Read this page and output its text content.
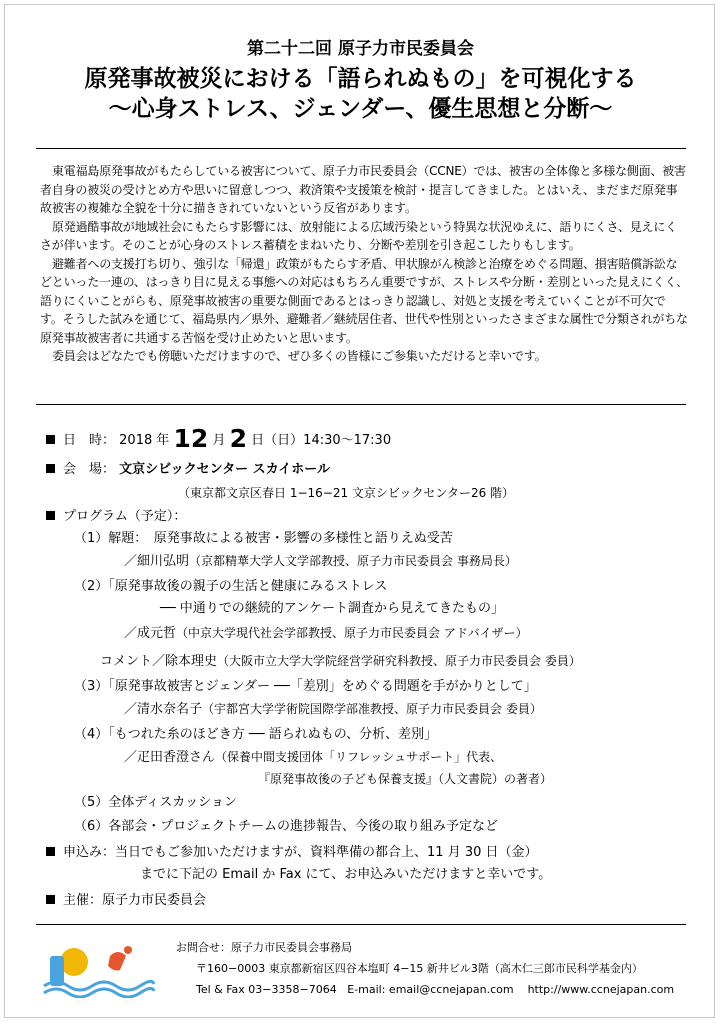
第二十二回 原子力市民委員会
原発事故被災における「語られぬもの」を可視化する
〜心身ストレス、ジェンダー、優生思想と分断〜

東電福島原発事故がもたらしている被害について、原子力市民委員会（CCNE）では、被害の全体像と多様な側面、被害者自身の被災の受けとめ方や思いに留意しつつ、救済策や支援策を検討・提言してきました。とはいえ、まだまだ原発事故被害の複雑な全貌を十分に描ききれていないという反省があります。

原発過酷事故が地域社会にもたらす影響には、放射能による広域汚染という特異な状況ゆえに、語りにくさ、見えにくさが伴います。そのことが心身のストレス蓄積をまねいたり、分断や差別を引き起こしたりもします。

避難者への支援打ち切り、強引な「帰還」政策がもたらす矛盾、甲状腺がん検診と治療をめぐる問題、損害賠償訴訟などといった一連の、はっきり目に見える事態への対応はもちろん重要ですが、ストレスや分断・差別といった見えにくく、語りにくいことがらも、原発事故被害の重要な側面であるとはっきり認識し、対処と支援を考えていくことが不可欠です。そうした試みを通じて、福島県内／県外、避難者／継続居住者、世代や性別といったさまざまな属性で分類されがちな原発事故被害者に共通する苦悩を受け止めたいと思います。

委員会はどなたでも傍聴いただけますので、ぜひ多くの皆様にご参集いただけると幸いです。

日　時： 2018 年 12 月 2 日（日）14:30〜17:30
会　場： 文京シビックセンター スカイホール
（東京都文京区春日 1−16−21 文京シビックセンター26 階）
プログラム（予定）：
（1）解題：　原発事故による被害・影響の多様性と語りえぬ受苦
／細川弘明（京都精華大学人文学部教授、原子力市民委員会 事務局長）
（2）「原発事故後の親子の生活と健康にみるストレス
── 中通りでの継続的アンケート調査から見えてきたもの」
／成元哲（中京大学現代社会学部教授、原子力市民委員会 アドバイザー）
コメント／除本理史（大阪市立大学大学院経営学研究科教授、原子力市民委員会 委員）
（3）「原発事故被害とジェンダー ──「差別」をめぐる問題を手がかりとして」
／清水奈名子（宇都宮大学学術院国際学部准教授、原子力市民委員会 委員）
（4）「もつれた糸のほどき方 ── 語られぬもの、分析、差別」
／疋田香澄さん（保養中間支援団体「リフレッシュサポート」代表、
『原発事故後の子ども保養支援』（人文書院）の著者）
（5）全体ディスカッション
（6）各部会・プロジェクトチームの進捗報告、今後の取り組み予定など
申込み：当日でもご参加いただけますが、資料準備の都合上、11 月 30 日（金）
までに下記の Email か Fax にて、お申込みいただけますと幸いです。
主催：原子力市民委員会
お問合せ：原子力市民委員会事務局
〒160−0003 東京都新宿区四谷本塩町 4−15 新井ビル3階（高木仁三郎市民科学基金内）
Tel & Fax 03−3358−7064 E-mail: email@ccnejapan.com http://www.ccnejapan.com
